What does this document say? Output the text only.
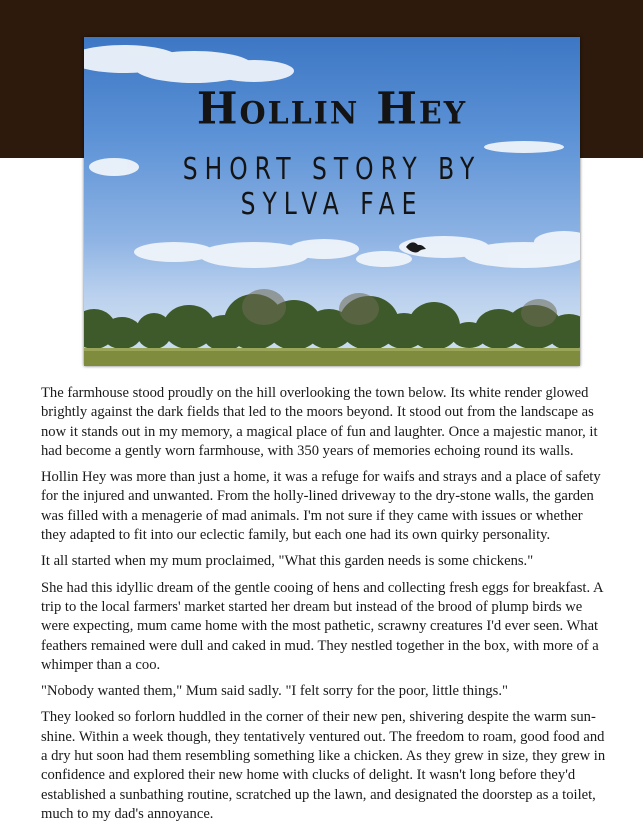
Hollin Hey
SHORT STORY BY SYLVA FAE

The farmhouse stood proudly on the hill overlooking the town below. Its white render glowed brightly against the dark fields that led to the moors beyond. It stood out from the landscape as now it stands out in my memory, a magical place of fun and laughter. Once a majestic manor, it had become a gently worn farmhouse, with 350 years of memories echoing round its walls.

Hollin Hey was more than just a home, it was a refuge for waifs and strays and a place of safety for the injured and unwanted. From the holly-lined driveway to the dry-stone walls, the garden was filled with a menagerie of mad animals. I'm not sure if they came with issues or whether they adapted to fit into our eclectic family, but each one had its own quirky personality.

It all started when my mum proclaimed, "What this garden needs is some chickens."

She had this idyllic dream of the gentle cooing of hens and collecting fresh eggs for breakfast. A trip to the local farmers' market started her dream but instead of the brood of plump birds we were expecting, mum came home with the most pathetic, scrawny creatures I'd ever seen. What feathers remained were dull and caked in mud. They nestled together in the box, with more of a whimper than a coo.

"Nobody wanted them," Mum said sadly. "I felt sorry for the poor, little things."

They looked so forlorn huddled in the corner of their new pen, shivering despite the warm sun-shine. Within a week though, they tentatively ventured out. The freedom to roam, good food and a dry hut soon had them resembling something like a chicken. As they grew in size, they grew in confidence and explored their new home with clucks of delight. It wasn't long before they'd established a sunbathing routine, scratched up the lawn, and designated the doorstep as a toilet, much to my dad's annoyance.
